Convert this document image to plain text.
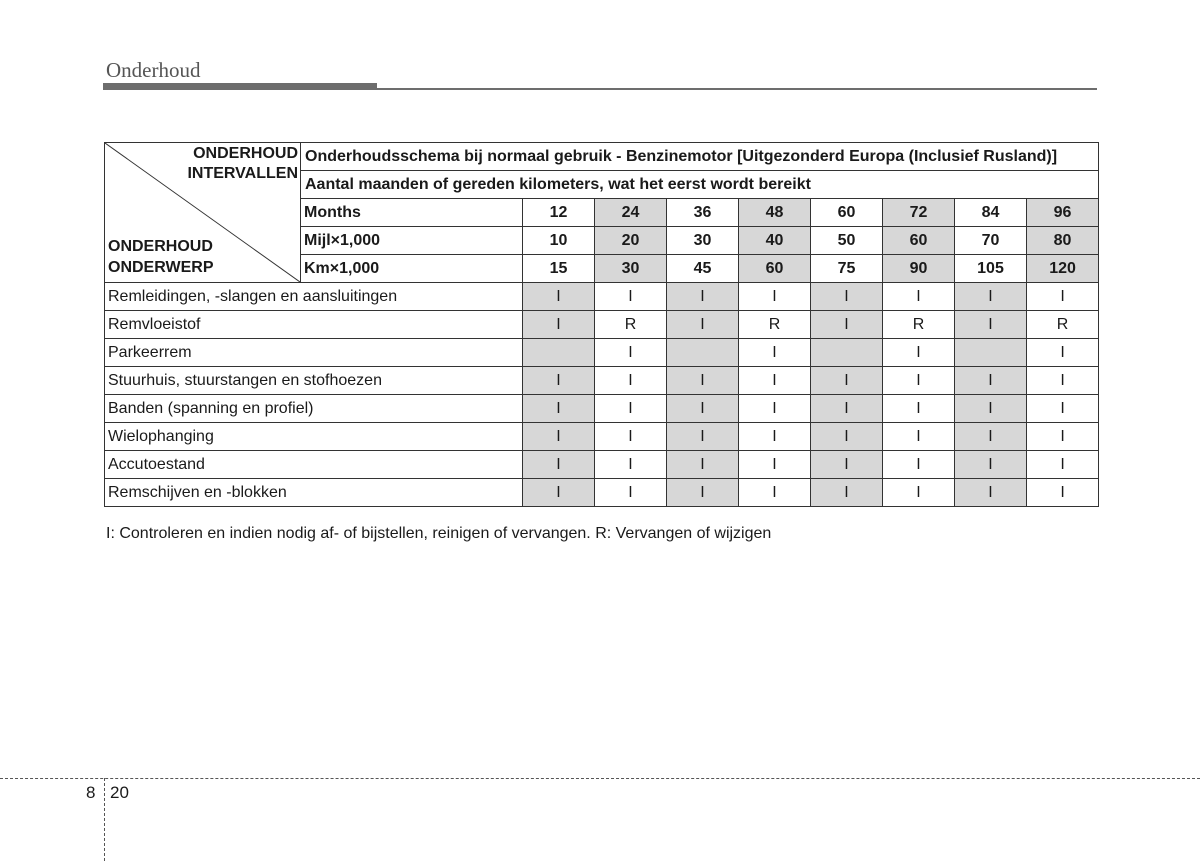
Onderhoud
ONDERHOUD
INTERVALLEN
ONDERHOUD
ONDERWERP	Onderhoudsschema bij normaal gebruik - Benzinemotor [Uitgezonderd Europa (Inclusief Rusland)]								
	Aantal maanden of gereden kilometers, wat het eerst wordt bereikt								
	Months	12	24	36	48	60	72	84	96
	Mijl×1,000	10	20	30	40	50	60	70	80
	Km×1,000	15	30	45	60	75	90	105	120
Remleidingen, -slangen en aansluitingen		I	I	I	I	I	I	I	I
Remvloeistof		I	R	I	R	I	R	I	R
Parkeerrem			I		I		I		I
Stuurhuis, stuurstangen en stofhoezen		I	I	I	I	I	I	I	I
Banden (spanning en profiel)		I	I	I	I	I	I	I	I
Wielophanging		I	I	I	I	I	I	I	I
Accutoestand		I	I	I	I	I	I	I	I
Remschijven en -blokken		I	I	I	I	I	I	I	I
I: Controleren en indien nodig af- of bijstellen, reinigen of vervangen. R: Vervangen of wijzigen
8 20
